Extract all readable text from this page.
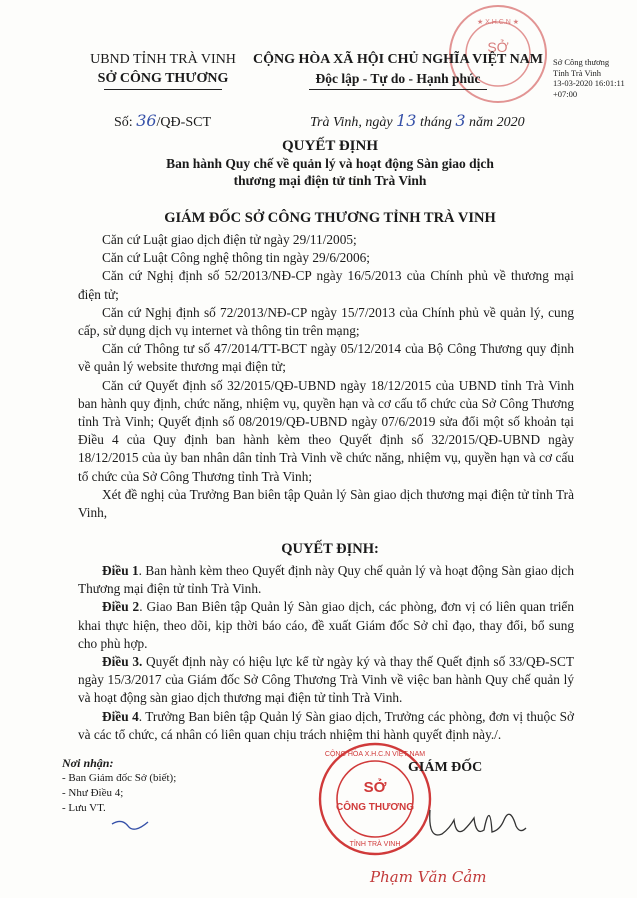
SỞ
★ X.H.C.N ★
UBND TỈNH TRÀ VINH
SỞ CÔNG THƯƠNG
CỘNG HÒA XÃ HỘI CHỦ NGHĨA VIỆT NAM
Độc lập - Tự do - Hạnh phúc
Sở Công thương
Tỉnh Trà Vinh
13-03-2020 16:01:11
+07:00
Số: 36/QĐ-SCT	Trà Vinh, ngày 13 tháng 3 năm 2020
QUYẾT ĐỊNH
Ban hành Quy chế về quản lý và hoạt động Sàn giao dịch
thương mại điện tử tỉnh Trà Vinh
GIÁM ĐỐC SỞ CÔNG THƯƠNG TỈNH TRÀ VINH

Căn cứ Luật giao dịch điện tử ngày 29/11/2005;

Căn cứ Luật Công nghệ thông tin ngày 29/6/2006;

Căn cứ Nghị định số 52/2013/NĐ-CP ngày 16/5/2013 của Chính phủ về thương mại điện tử;

Căn cứ Nghị định số 72/2013/NĐ-CP ngày 15/7/2013 của Chính phủ về quản lý, cung cấp, sử dụng dịch vụ internet và thông tin trên mạng;

Căn cứ Thông tư số 47/2014/TT-BCT ngày 05/12/2014 của Bộ Công Thương quy định về quản lý website thương mại điện tử;

Căn cứ Quyết định số 32/2015/QĐ-UBND ngày 18/12/2015 của UBND tỉnh Trà Vinh ban hành quy định, chức năng, nhiệm vụ, quyền hạn và cơ cấu tổ chức của Sở Công Thương tỉnh Trà Vinh; Quyết định số 08/2019/QĐ-UBND ngày 07/6/2019 sửa đổi một số khoản tại Điều 4 của Quy định ban hành kèm theo Quyết định số 32/2015/QĐ-UBND ngày 18/12/2015 của ủy ban nhân dân tỉnh Trà Vinh về chức năng, nhiệm vụ, quyền hạn và cơ cấu tổ chức của Sở Công Thương tỉnh Trà Vinh;

Xét đề nghị của Trưởng Ban biên tập Quản lý Sàn giao dịch thương mại điện tử tỉnh Trà Vinh,

QUYẾT ĐỊNH:

Điều 1. Ban hành kèm theo Quyết định này Quy chế quản lý và hoạt động Sàn giao dịch Thương mại điện tử tỉnh Trà Vinh.

Điều 2. Giao Ban Biên tập Quản lý Sàn giao dịch, các phòng, đơn vị có liên quan triển khai thực hiện, theo dõi, kịp thời báo cáo, đề xuất Giám đốc Sở chỉ đạo, thay đổi, bổ sung cho phù hợp.

Điều 3. Quyết định này có hiệu lực kể từ ngày ký và thay thế Quết định số 33/QĐ-SCT ngày 15/3/2017 của Giám đốc Sở Công Thương Trà Vinh về việc ban hành Quy chế quản lý và hoạt động sàn giao dịch thương mại điện tử tỉnh Trà Vinh.

Điều 4. Trưởng Ban biên tập Quản lý Sàn giao dịch, Trưởng các phòng, đơn vị thuộc Sở và các tổ chức, cá nhân có liên quan chịu trách nhiệm thi hành quyết định này./.

Nơi nhận:
- Ban Giám đốc Sở (biết);
- Như Điều 4;
- Lưu VT.
SỞ
CÔNG THƯƠNG
CỘNG HÒA X.H.C.N VIỆT NAM
TỈNH TRÀ VINH
GIÁM ĐỐC
Phạm Văn Cảm
